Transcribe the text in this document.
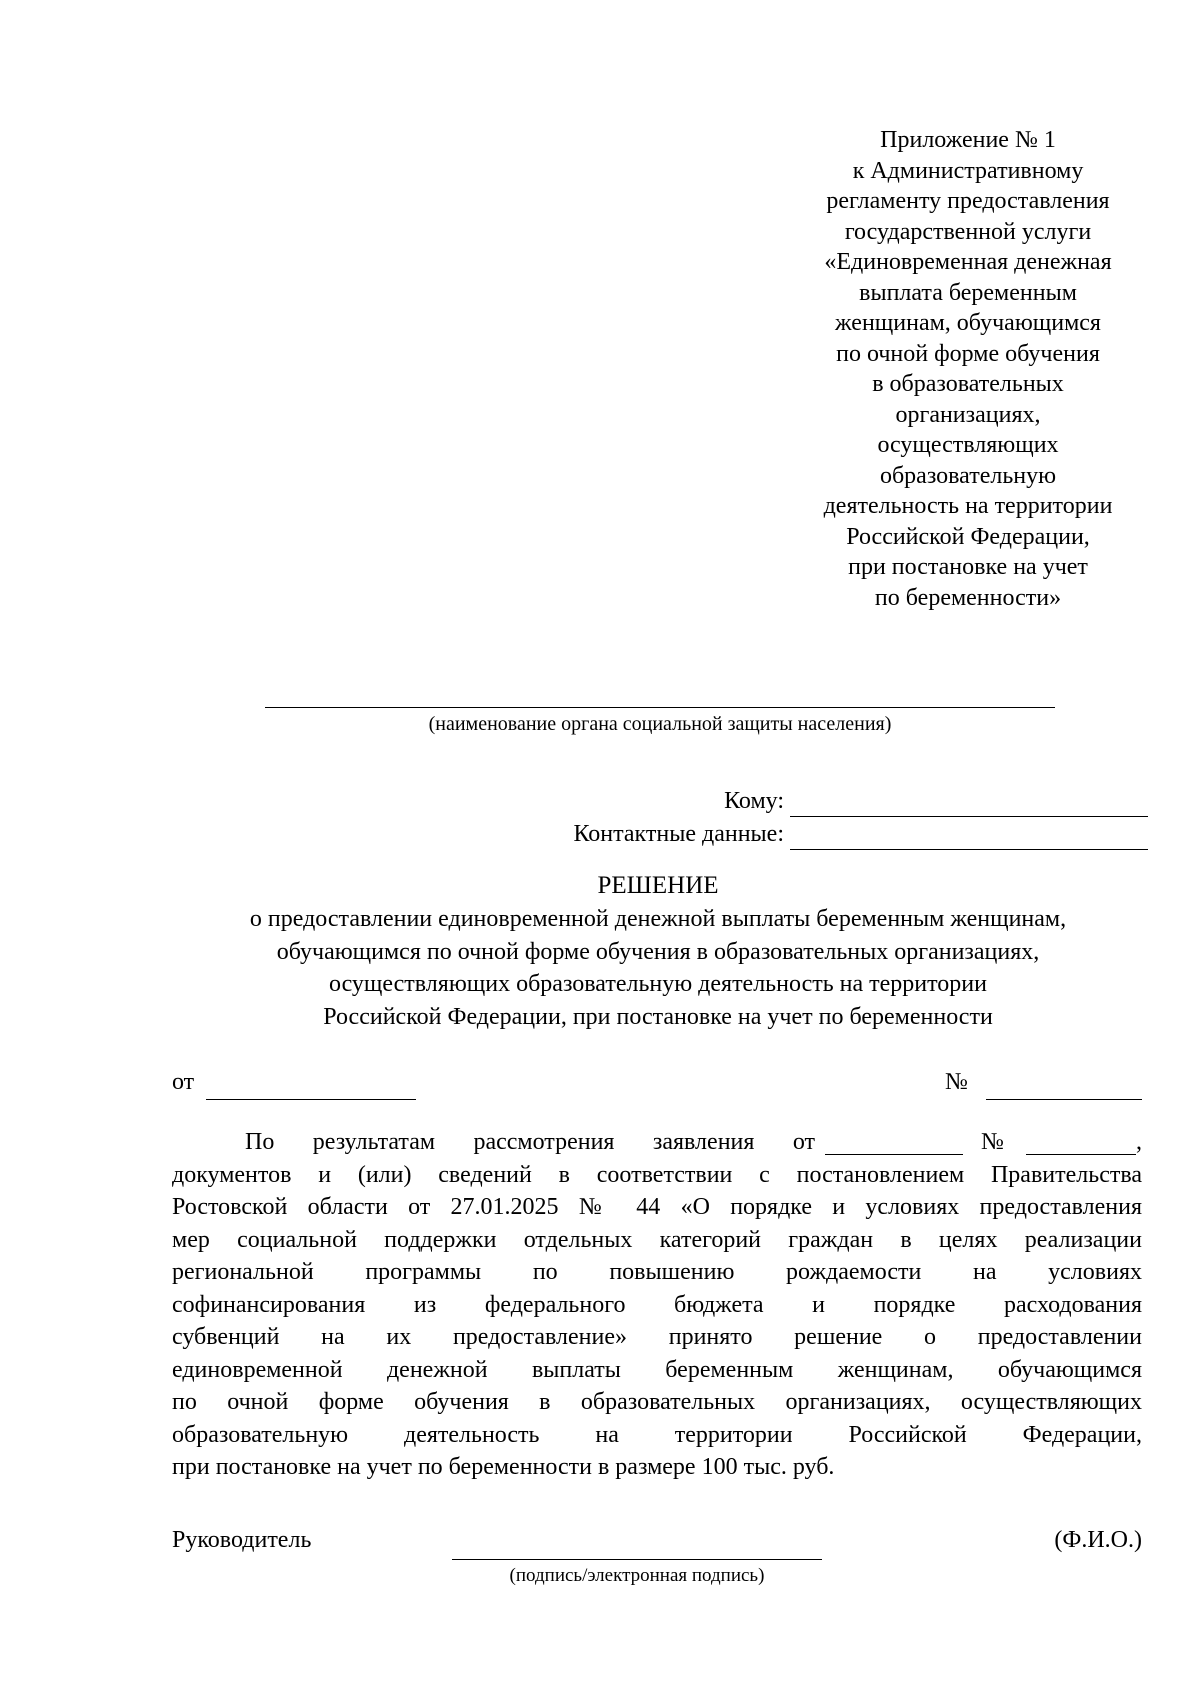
Приложение № 1
к Административному
регламенту предоставления
государственной услуги
«Единовременная денежная
выплата беременным
женщинам, обучающимся
по очной форме обучения
в образовательных
организациях,
осуществляющих
образовательную
деятельность на территории
Российской Федерации,
при постановке на учет
по беременности»
(наименование органа социальной защиты населения)
Кому:
Контактные данные:
РЕШЕНИЕ
о предоставлении единовременной денежной выплаты беременным женщинам,
обучающимся по очной форме обучения в образовательных организациях,
осуществляющих образовательную деятельность на территории
Российской Федерации, при постановке на учет по беременности
от	№
По результатам рассмотрения заявления от	№	,
документов и (или) сведений в соответствии с постановлением Правительства
Ростовской области от 27.01.2025 № 44 «О порядке и условиях предоставления
мер социальной поддержки отдельных категорий граждан в целях реализации
региональной программы по повышению рождаемости на условиях
софинансирования из федерального бюджета и порядке расходования
субвенций на их предоставление» принято решение о предоставлении
единовременной денежной выплаты беременным женщинам, обучающимся
по очной форме обучения в образовательных организациях, осуществляющих
образовательную деятельность на территории Российской Федерации,
при постановке на учет по беременности в размере 100 тыс. руб.
Руководитель
(подпись/электронная подпись)
(Ф.И.О.)
